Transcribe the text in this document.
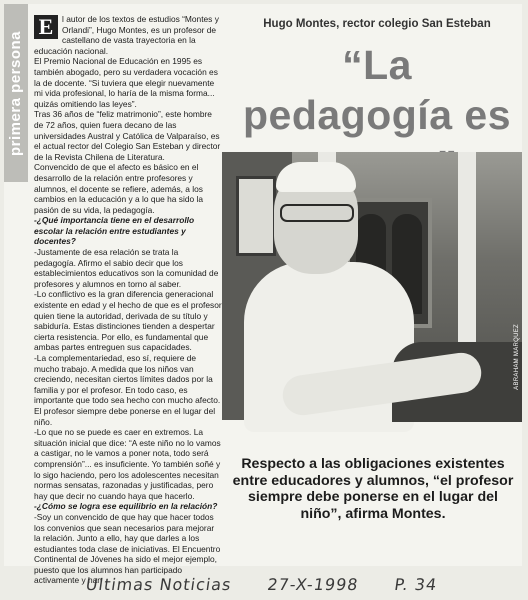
primera persona

E	l autor de los textos de estudios “Montes y Orlandi”, Hugo Montes, es un profesor de castellano de vasta trayectoria en la educación nacional.

El Premio Nacional de Educación en 1995 es también abogado, pero su verdadera vocación es la de docente. “Si tuviera que elegir nuevamente mi vida profesional, lo haría de la misma forma... quizás omitiendo las leyes”.

Tras 36 años de “feliz matrimonio”, este hombre de 72 años, quien fuera decano de las universidades Austral y Católica de Valparaíso, es el actual rector del Colegio San Esteban y director de la Revista Chilena de Literatura.

Convencido de que el afecto es básico en el desarrollo de la relación entre profesores y alumnos, el docente se refiere, además, a los cambios en la educación y a lo que ha sido la pasión de su vida, la pedagogía.

-¿Qué importancia tiene en el desarrollo escolar la relación entre estudiantes y docentes?

-Justamente de esa relación se trata la pedagogía. Afirmo el sabio decir que los establecimientos educativos son la comunidad de profesores y alumnos en torno al saber.

-Lo conflictivo es la gran diferencia generacional existente en edad y el hecho de que es el profesor quien tiene la autoridad, derivada de su título y sabiduría. Estas distinciones tienden a despertar cierta resistencia. Por ello, es fundamental que ambas partes entreguen sus capacidades.

-La complementariedad, eso sí, requiere de mucho trabajo. A medida que los niños van creciendo, necesitan ciertos límites dados por la familia y por el profesor. En todo caso, es importante que todo sea hecho con mucho afecto. El profesor siempre debe ponerse en el lugar del niño.

-Lo que no se puede es caer en extremos. La situación inicial que dice: “A este niño no lo vamos a castigar, no le vamos a poner nota, todo será comprensión”... es insuficiente. Yo también soñé y lo sigo haciendo, pero los adolescentes necesitan normas sensatas, razonadas y justificadas, pero hay que decir no cuando haya que hacerlo.

-¿Cómo se logra ese equilibrio en la relación?

-Soy un convencido de que hay que hacer todos los convenios que sean necesarios para mejorar la relación. Junto a ello, hay que darles a los estudiantes toda clase de iniciativas. El Encuentro Continental de Jóvenes ha sido el mejor ejemplo, puesto que los alumnos han participado activamente y han

Hugo Montes, rector colegio San Esteban
“La pedagogía es
ABRAHAM MÁRQUEZ
Respecto a las obligaciones existentes entre educadores y alumnos, “el profesor siempre debe ponerse en el lugar del niño”, afirma Montes.
Ultimas Noticias 27-X-1998 P. 34
